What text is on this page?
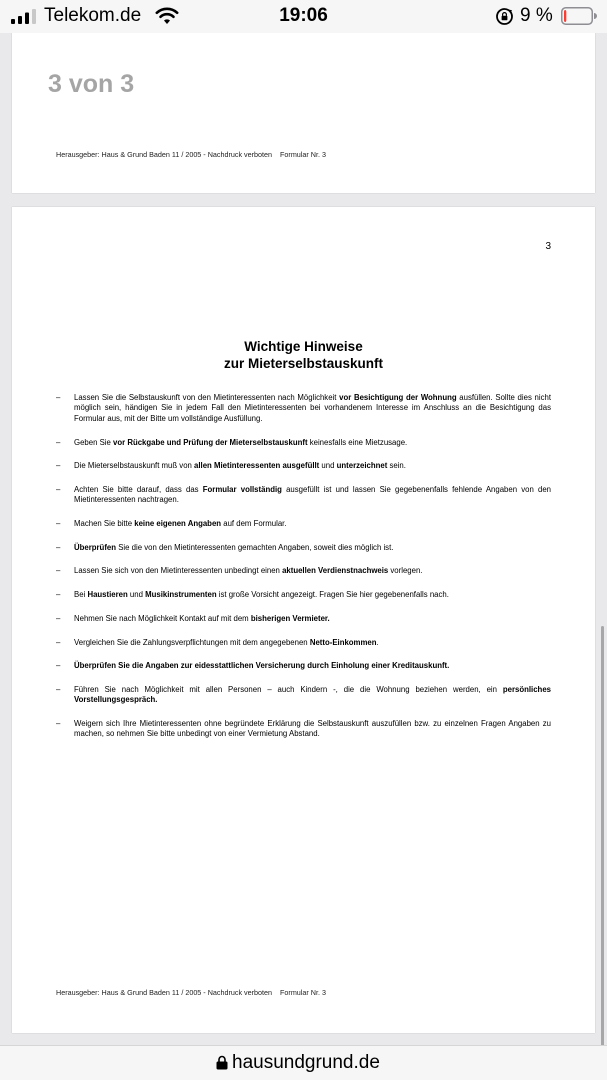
Telekom.de	19:06	9 %
3 von 3
Herausgeber: Haus & Grund Baden 11 / 2005 - Nachdruck verboten Formular Nr. 3
3
Wichtige Hinweise
zur Mieterselbstauskunft
– Lassen Sie die Selbstauskunft von den Mietinteressenten nach Möglichkeit vor Besichtigung der Wohnung ausfüllen. Sollte dies nicht möglich sein, händigen Sie in jedem Fall den Mietinteressenten bei vorhandenem Interesse im Anschluss an die Besichtigung das Formular aus, mit der Bitte um vollständige Ausfüllung.
– Geben Sie vor Rückgabe und Prüfung der Mieterselbstauskunft keinesfalls eine Mietzusage.
– Die Mieterselbstauskunft muß von allen Mietinteressenten ausgefüllt und unterzeichnet sein.
– Achten Sie bitte darauf, dass das Formular vollständig ausgefüllt ist und lassen Sie gegebenenfalls fehlende Angaben von den Mietinteressenten nachtragen.
– Machen Sie bitte keine eigenen Angaben auf dem Formular.
– Überprüfen Sie die von den Mietinteressenten gemachten Angaben, soweit dies möglich ist.
– Lassen Sie sich von den Mietinteressenten unbedingt einen aktuellen Verdienstnachweis vorlegen.
– Bei Haustieren und Musikinstrumenten ist große Vorsicht angezeigt. Fragen Sie hier gegebenenfalls nach.
– Nehmen Sie nach Möglichkeit Kontakt auf mit dem bisherigen Vermieter.
– Vergleichen Sie die Zahlungsverpflichtungen mit dem angegebenen Netto-Einkommen.
– Überprüfen Sie die Angaben zur eidesstattlichen Versicherung durch Einholung einer Kreditauskunft.
– Führen Sie nach Möglichkeit mit allen Personen – auch Kindern -, die die Wohnung beziehen werden, ein persönliches Vorstellungsgespräch.
– Weigern sich Ihre Mietinteressenten ohne begründete Erklärung die Selbstauskunft auszufüllen bzw. zu einzelnen Fragen Angaben zu machen, so nehmen Sie bitte unbedingt von einer Vermietung Abstand.
Herausgeber: Haus & Grund Baden 11 / 2005 - Nachdruck verboten Formular Nr. 3
hausundgrund.de
